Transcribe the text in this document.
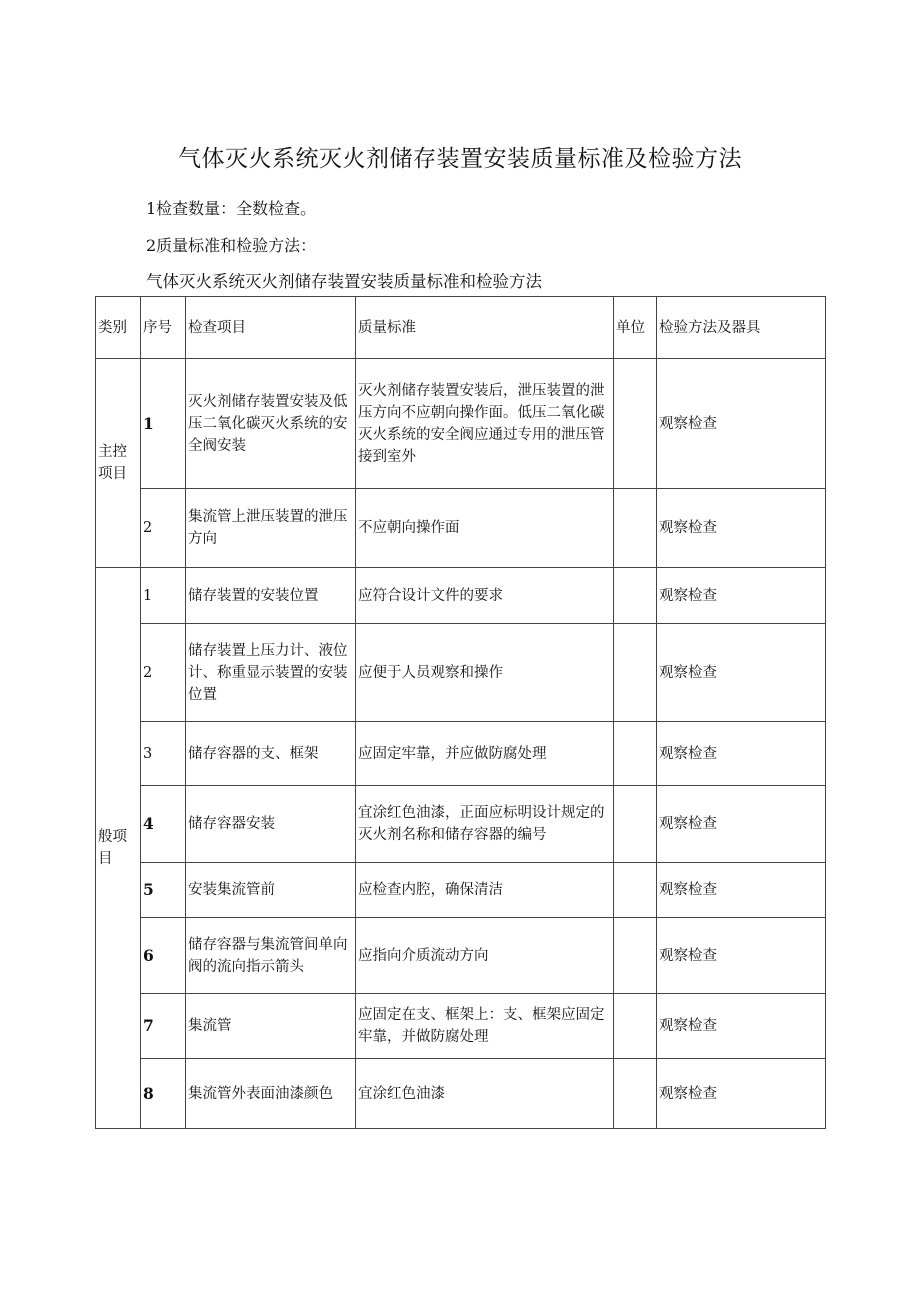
气体灭火系统灭火剂储存装置安装质量标准及检验方法
1检查数量：全数检查。
2质量标准和检验方法：
气体灭火系统灭火剂储存装置安装质量标准和检验方法
类别	序号	检查项目	质量标准	单位	检验方法及器具
主控项目	1	灭火剂储存装置安装及低压二氧化碳灭火系统的安全阀安装	灭火剂储存装置安装后，泄压装置的泄压方向不应朝向操作面。低压二氧化碳灭火系统的安全阀应通过专用的泄压管接到室外		观察检查
	2	集流管上泄压装置的泄压方向	不应朝向操作面		观察检查
般项目	1	储存装置的安装位置	应符合设计文件的要求		观察检查
	2	储存装置上压力计、液位计、称重显示装置的安装位置	应便于人员观察和操作		观察检查
	3	储存容器的支、框架	应固定牢靠，并应做防腐处理		观察检查
	4	储存容器安装	宜涂红色油漆，正面应标明设计规定的灭火剂名称和储存容器的编号		观察检查
	5	安装集流管前	应检查内腔，确保清洁		观察检查
	6	储存容器与集流管间单向阀的流向指示箭头	应指向介质流动方向		观察检查
	7	集流管	应固定在支、框架上：支、框架应固定牢靠，并做防腐处理		观察检查
	8	集流管外表面油漆颜色	宜涂红色油漆		观察检查
